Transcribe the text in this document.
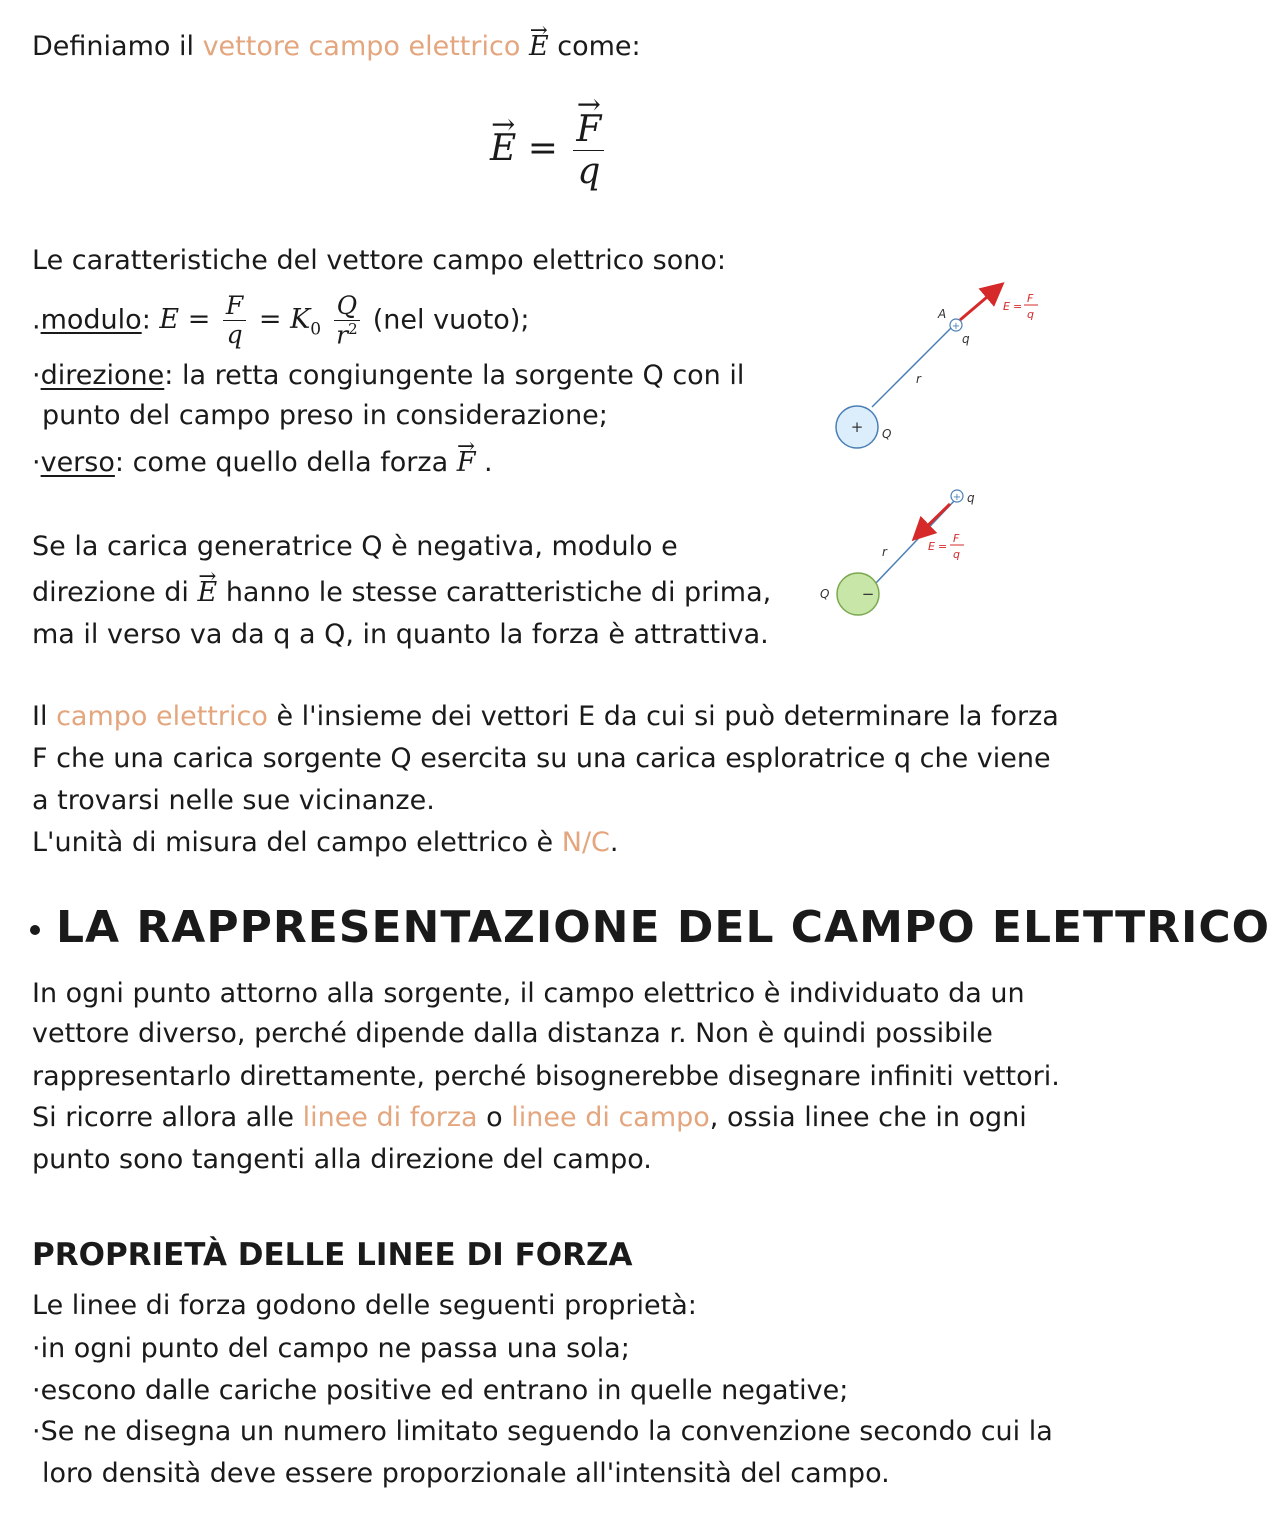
Definiamo il vettore campo elettrico → E come:
→ E = → $\frac{F}{q}$
Le caratteristiche del vettore campo elettrico sono:
.modulo: $E = \frac{F}{q} = K_0 \frac{Q}{r^2} (nel$ vuoto);
·direzione: la retta congiungente la sorgente Q con il
punto del campo preso in considerazione;
·verso: come quello della forza → F .
Se la carica generatrice Q è negativa, modulo e
direzione di → E hanno le stesse caratteristiche di prima,
ma il verso va da q a Q, in quanto la forza è attrattiva.
Il campo elettrico è l'insieme dei vettori E da cui si può determinare la forza
F che una carica sorgente Q esercita su una carica esploratrice q che viene
a trovarsi nelle sue vicinanze.
L'unità di misura del campo elettrico è N/C.
LA RAPPRESENTAZIONE DEL CAMPO ELETTRICO
In ogni punto attorno alla sorgente, il campo elettrico è individuato da un
vettore diverso, perché dipende dalla distanza r. Non è quindi possibile
rappresentarlo direttamente, perché bisognerebbe disegnare infiniti vettori.
Si ricorre allora alle linee di forza o linee di campo, ossia linee che in ogni
punto sono tangenti alla direzione del campo.
PROPRIETÀ DELLE LINEE DI FORZA
Le linee di forza godono delle seguenti proprietà:
·in ogni punto del campo ne passa una sola;
·escono dalle cariche positive ed entrano in quelle negative;
·Se ne disegna un numero limitato seguendo la convenzione secondo cui la
loro densità deve essere proporzionale all'intensità del campo.
+ Q
+
A
q
r
E =
F
q
−
Q
+ q
r	E =
F
q
